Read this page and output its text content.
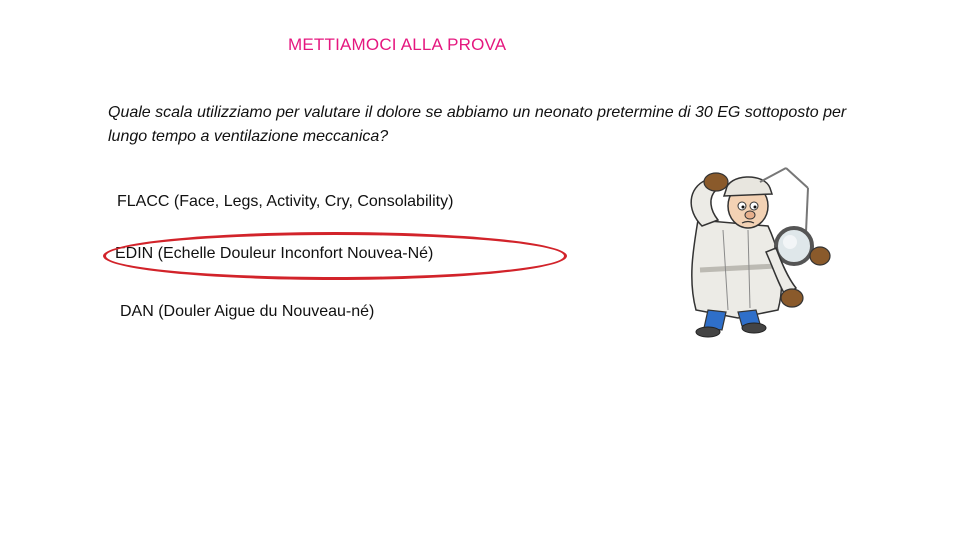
METTIAMOCI ALLA PROVA
Quale scala utilizziamo per valutare il dolore se abbiamo un neonato pretermine di 30 EG sottoposto per lungo tempo a ventilazione meccanica?
FLACC (Face, Legs, Activity, Cry, Consolability)
EDIN (Echelle Douleur Inconfort Nouvea-Né)
DAN (Douler Aigue du Nouveau-né)
